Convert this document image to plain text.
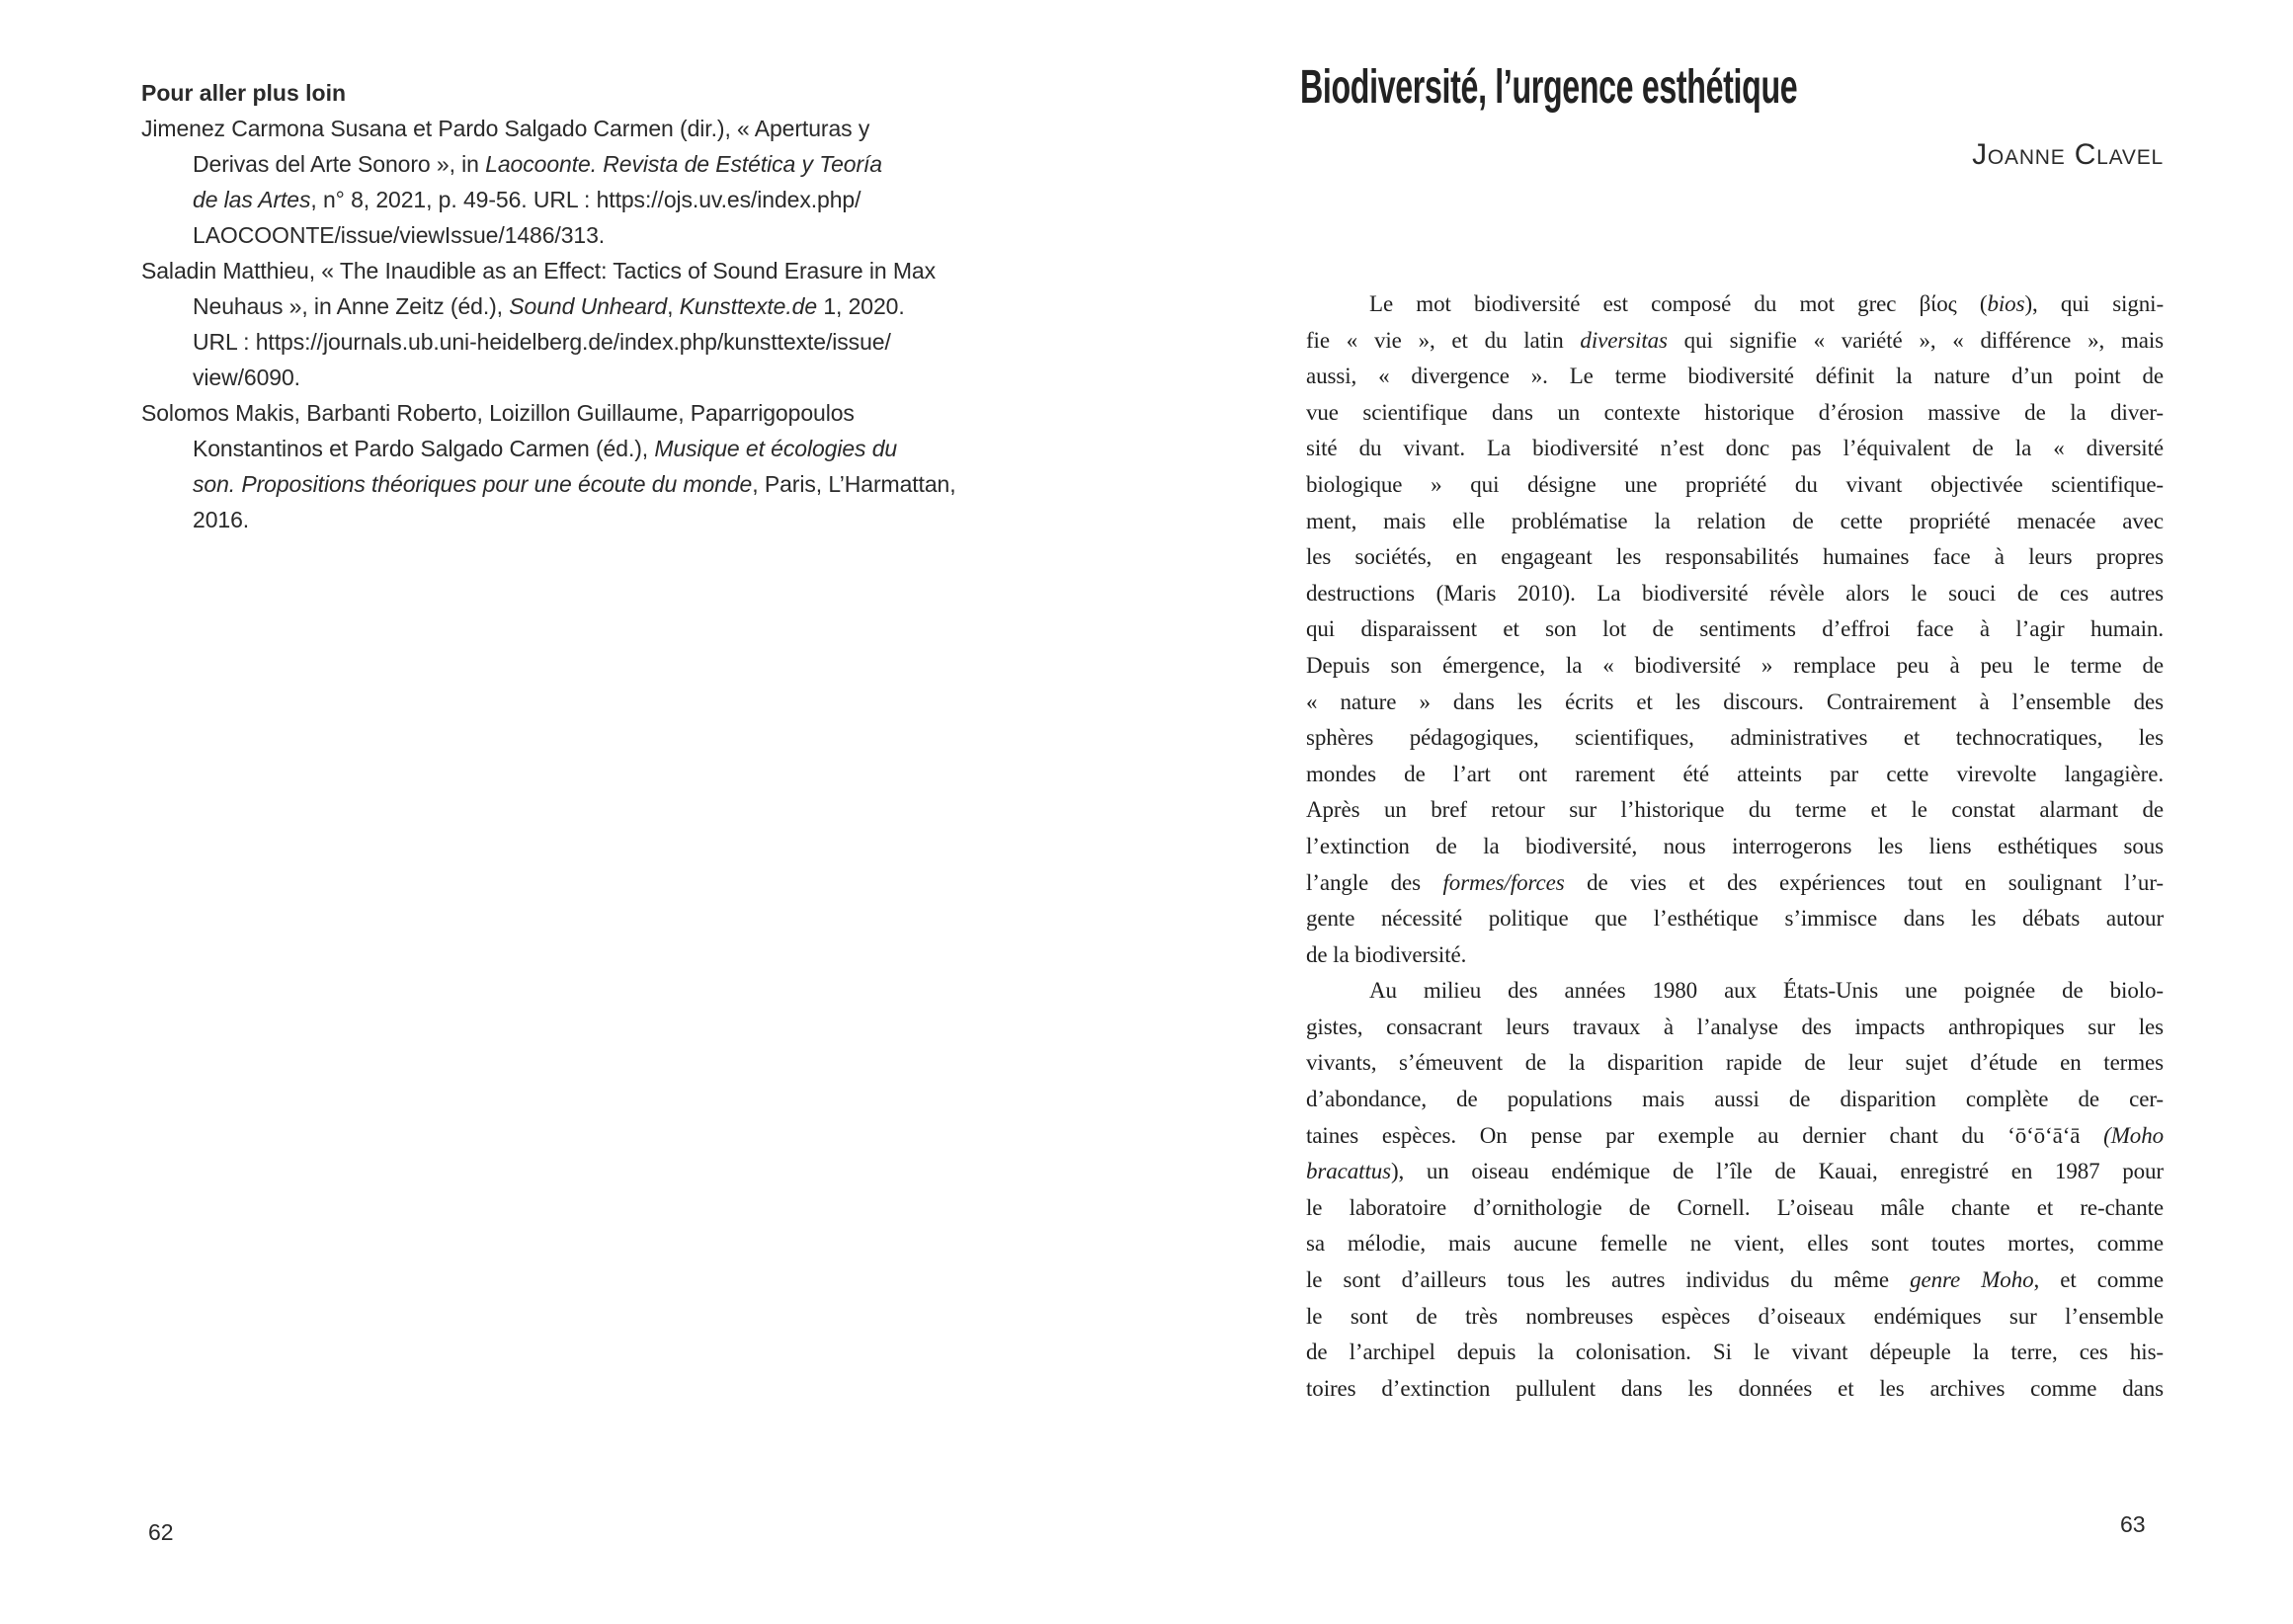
Pour aller plus loin
Jimenez Carmona Susana et Pardo Salgado Carmen (dir.), « Aperturas y
Derivas del Arte Sonoro », in Laocoonte. Revista de Estética y Teoría
de las Artes, n° 8, 2021, p. 49-56. URL : https://ojs.uv.es/index.php/
LAOCOONTE/issue/viewIssue/1486/313.
Saladin Matthieu, « The Inaudible as an Effect: Tactics of Sound Erasure in Max
Neuhaus », in Anne Zeitz (éd.), Sound Unheard, Kunsttexte.de 1, 2020.
URL : https://journals.ub.uni-heidelberg.de/index.php/kunsttexte/issue/
view/6090.
Solomos Makis, Barbanti Roberto, Loizillon Guillaume, Paparrigopoulos
Konstantinos et Pardo Salgado Carmen (éd.), Musique et écologies du
son. Propositions théoriques pour une écoute du monde, Paris, L’Harmattan,
2016.
62
Biodiversité, l’urgence esthétique
Joanne Clavel
Le mot biodiversité est composé du mot grec βίος (bios), qui signi-
fie « vie », et du latin diversitas qui signifie « variété », « différence », mais
aussi, « divergence ». Le terme biodiversité définit la nature d’un point de
vue scientifique dans un contexte historique d’érosion massive de la diver-
sité du vivant. La biodiversité n’est donc pas l’équivalent de la « diversité
biologique » qui désigne une propriété du vivant objectivée scientifique-
ment, mais elle problématise la relation de cette propriété menacée avec
les sociétés, en engageant les responsabilités humaines face à leurs propres
destructions (Maris 2010). La biodiversité révèle alors le souci de ces autres
qui disparaissent et son lot de sentiments d’effroi face à l’agir humain.
Depuis son émergence, la « biodiversité » remplace peu à peu le terme de
« nature » dans les écrits et les discours. Contrairement à l’ensemble des
sphères pédagogiques, scientifiques, administratives et technocratiques, les
mondes de l’art ont rarement été atteints par cette virevolte langagière.
Après un bref retour sur l’historique du terme et le constat alarmant de
l’extinction de la biodiversité, nous interrogerons les liens esthétiques sous
l’angle des formes/forces de vies et des expériences tout en soulignant l’ur-
gente nécessité politique que l’esthétique s’immisce dans les débats autour
de la biodiversité.
Au milieu des années 1980 aux États-Unis une poignée de biolo-
gistes, consacrant leurs travaux à l’analyse des impacts anthropiques sur les
vivants, s’émeuvent de la disparition rapide de leur sujet d’étude en termes
d’abondance, de populations mais aussi de disparition complète de cer-
taines espèces. On pense par exemple au dernier chant du ʻōʻōʻāʻā (Moho
bracattus), un oiseau endémique de l’île de Kauai, enregistré en 1987 pour
le laboratoire d’ornithologie de Cornell. L’oiseau mâle chante et re-chante
sa mélodie, mais aucune femelle ne vient, elles sont toutes mortes, comme
le sont d’ailleurs tous les autres individus du même genre Moho, et comme
le sont de très nombreuses espèces d’oiseaux endémiques sur l’ensemble
de l’archipel depuis la colonisation. Si le vivant dépeuple la terre, ces his-
toires d’extinction pullulent dans les données et les archives comme dans
63
